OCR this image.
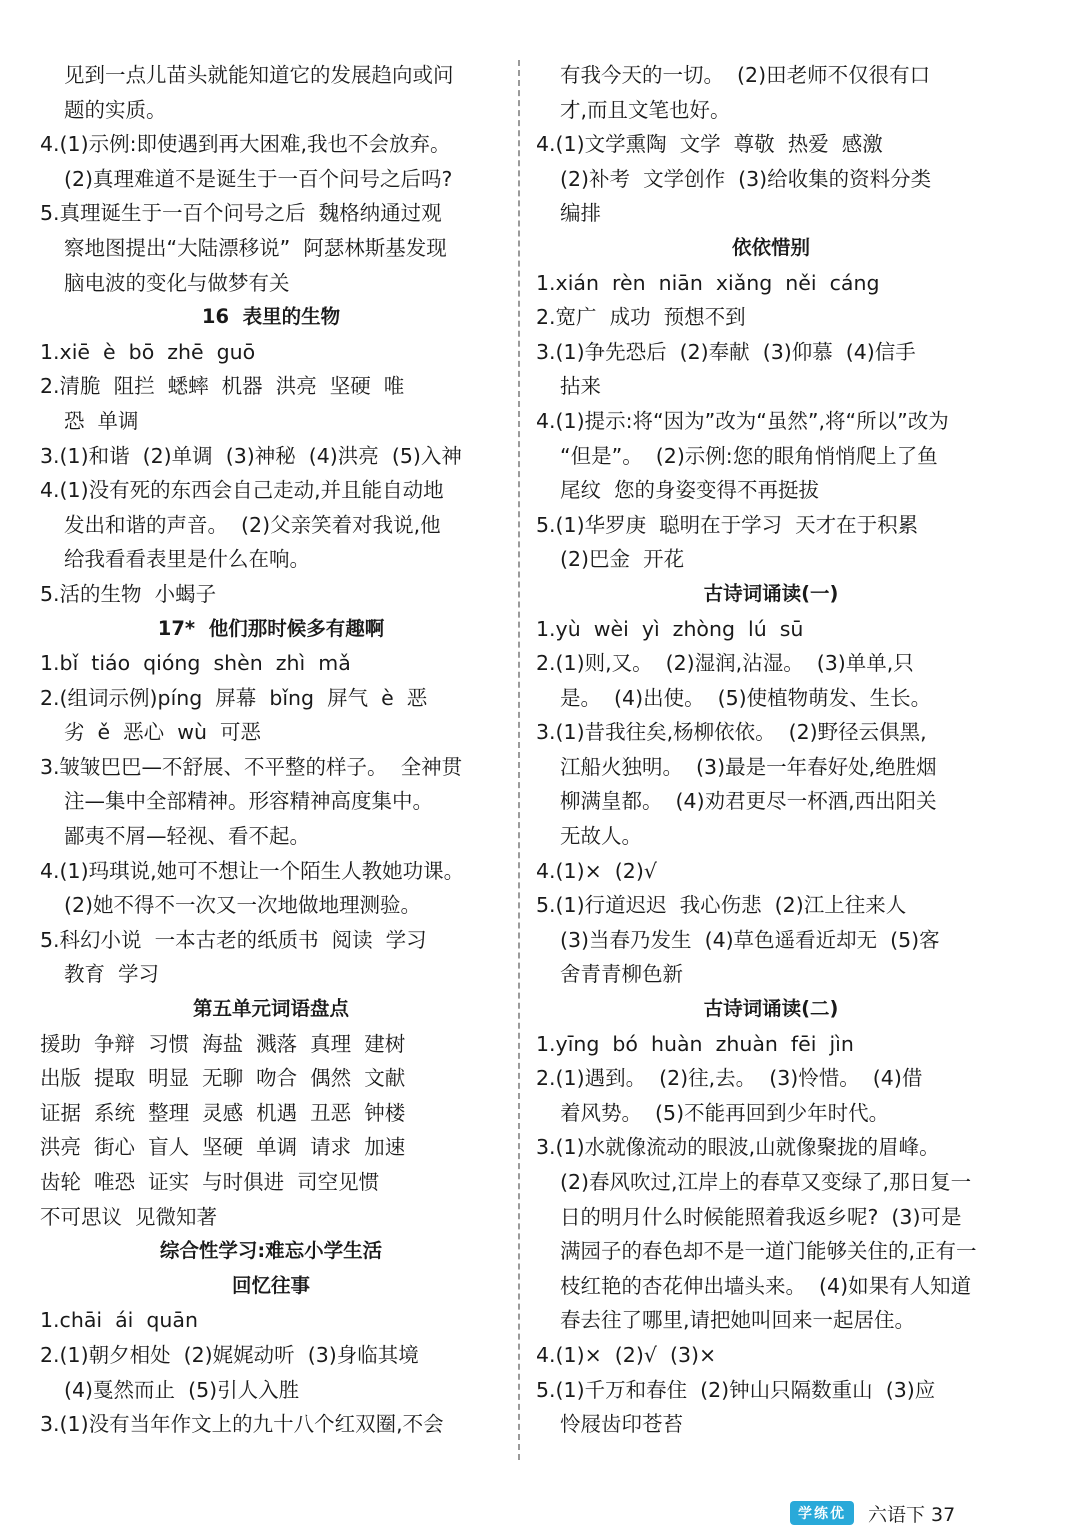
见到一点儿苗头就能知道它的发展趋向或问
题的实质。
4.(1)示例:即使遇到再大困难,我也不会放弃。
(2)真理难道不是诞生于一百个问号之后吗?
5.真理诞生于一百个问号之后  魏格纳通过观
察地图提出“大陆漂移说”  阿瑟林斯基发现
脑电波的变化与做梦有关
16  表里的生物
1.xiē  è  bō  zhē  guō
2.清脆  阻拦  蟋蟀  机器  洪亮  坚硬  唯
恐  单调
3.(1)和谐  (2)单调  (3)神秘  (4)洪亮  (5)入神
4.(1)没有死的东西会自己走动,并且能自动地
发出和谐的声音。  (2)父亲笑着对我说,他
给我看看表里是什么在响。
5.活的生物  小蝎子
17*  他们那时候多有趣啊
1.bǐ  tiáo  qióng  shèn  zhì  mǎ
2.(组词示例)píng  屏幕  bǐng  屏气  è  恶
劣  ě  恶心  wù  可恶
3.皱皱巴巴—不舒展、不平整的样子。  全神贯
注—集中全部精神。形容精神高度集中。
鄙夷不屑—轻视、看不起。
4.(1)玛琪说,她可不想让一个陌生人教她功课。
(2)她不得不一次又一次地做地理测验。
5.科幻小说  一本古老的纸质书  阅读  学习
教育  学习
第五单元词语盘点
援助  争辩  习惯  海盐  溅落  真理  建树
出版  提取  明显  无聊  吻合  偶然  文献
证据  系统  整理  灵感  机遇  丑恶  钟楼
洪亮  街心  盲人  坚硬  单调  请求  加速
齿轮  唯恐  证实  与时俱进  司空见惯
不可思议  见微知著
综合性学习:难忘小学生活
回忆往事
1.chāi  ái  quān
2.(1)朝夕相处  (2)娓娓动听  (3)身临其境
(4)戛然而止  (5)引人入胜
3.(1)没有当年作文上的九十八个红双圈,不会
有我今天的一切。  (2)田老师不仅很有口
才,而且文笔也好。
4.(1)文学熏陶  文学  尊敬  热爱  感激
(2)补考  文学创作  (3)给收集的资料分类
编排
依依惜别
1.xián  rèn  niān  xiǎng  něi  cáng
2.宽广  成功  预想不到
3.(1)争先恐后  (2)奉献  (3)仰慕  (4)信手
拈来
4.(1)提示:将“因为”改为“虽然”,将“所以”改为
“但是”。  (2)示例:您的眼角悄悄爬上了鱼
尾纹  您的身姿变得不再挺拔
5.(1)华罗庚  聪明在于学习  天才在于积累
(2)巴金  开花
古诗词诵读(一)
1.yù  wèi  yì  zhòng  lú  sū
2.(1)则,又。  (2)湿润,沾湿。  (3)单单,只
是。  (4)出使。  (5)使植物萌发、生长。
3.(1)昔我往矣,杨柳依依。  (2)野径云俱黑,
江船火独明。  (3)最是一年春好处,绝胜烟
柳满皇都。  (4)劝君更尽一杯酒,西出阳关
无故人。
4.(1)×  (2)√
5.(1)行道迟迟  我心伤悲  (2)江上往来人
(3)当春乃发生  (4)草色遥看近却无  (5)客
舍青青柳色新
古诗词诵读(二)
1.yīng  bó  huàn  zhuàn  fēi  jìn
2.(1)遇到。  (2)往,去。  (3)怜惜。  (4)借
着风势。  (5)不能再回到少年时代。
3.(1)水就像流动的眼波,山就像聚拢的眉峰。
(2)春风吹过,江岸上的春草又变绿了,那日复一
日的明月什么时候能照着我返乡呢?  (3)可是
满园子的春色却不是一道门能够关住的,正有一
枝红艳的杏花伸出墙头来。  (4)如果有人知道
春去往了哪里,请把她叫回来一起居住。
4.(1)×  (2)√  (3)×
5.(1)千万和春住  (2)钟山只隔数重山  (3)应
怜屐齿印苍苔
学练优	六语下 37
